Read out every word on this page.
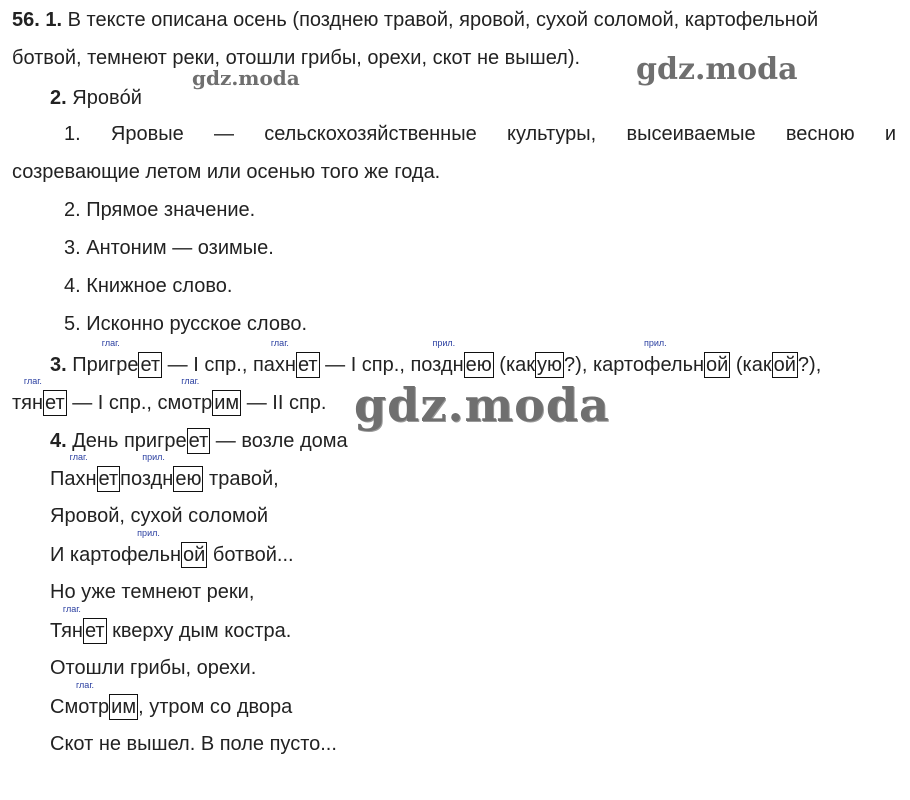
gdz.moda	gdz.moda
gdz.moda
56. 1. В тексте описана осень (позднею травой, яровой, сухой соломой, картофельной
ботвой, темнеют реки, отошли грибы, орехи, скот не вышел).
2. Яровóй
1. Яровые — сельскохозяйственные культуры, высеиваемые весною и
созревающие летом или осенью того же года.
2. Прямое значение.
3. Антоним — озимые.
4. Книжное слово.
5. Исконно русское слово.
3.
глаг.
Пригре ет — I спр.,
глаг.
пахн ет — I спр.,
прил.
поздн ею (как ую ?),
прил.
картофельн ой (как ой ?),
глаг.
тян ет — I спр.,
глаг.
смотр им — II спр.
4. День пригре ет — возле дома
глаг.
Пахн ет
прил.
поздн ею травой,
Яровой, сухой соломой
прил.
И картофельн ой ботвой...
Но уже темнеют реки,
глаг.
Тян ет кверху дым костра.
Отошли грибы, орехи.
глаг.
Смотр им , утром со двора
Скот не вышел. В поле пусто...
